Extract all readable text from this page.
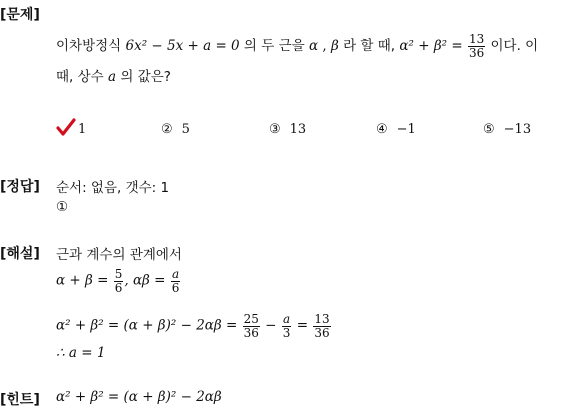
[문제]
이차방정식 6x² − 5x + a = 0 의 두 근을 α , β 라 할 때, $\alpha^2 + \beta^2 = \frac{13}{36}$ 이다. 이
때, 상수 a 의 값은?
1	② 5	③ 13	④ −1	⑤ −13
[정답] 순서: 없음, 갯수: 1
①
[해설] 근과 계수의 관계에서
$\alpha + \beta = \frac{5}{6}$ , $\alpha\beta = \frac{a}{6}$
$\alpha^2 + \beta^2 = (\alpha + \beta)^2 - 2\alpha\beta = \frac{25}{36} - \frac{a}{3} = \frac{13}{36}$
∴ a = 1
[힌트] α² + β² = (α + β)² − 2αβ
